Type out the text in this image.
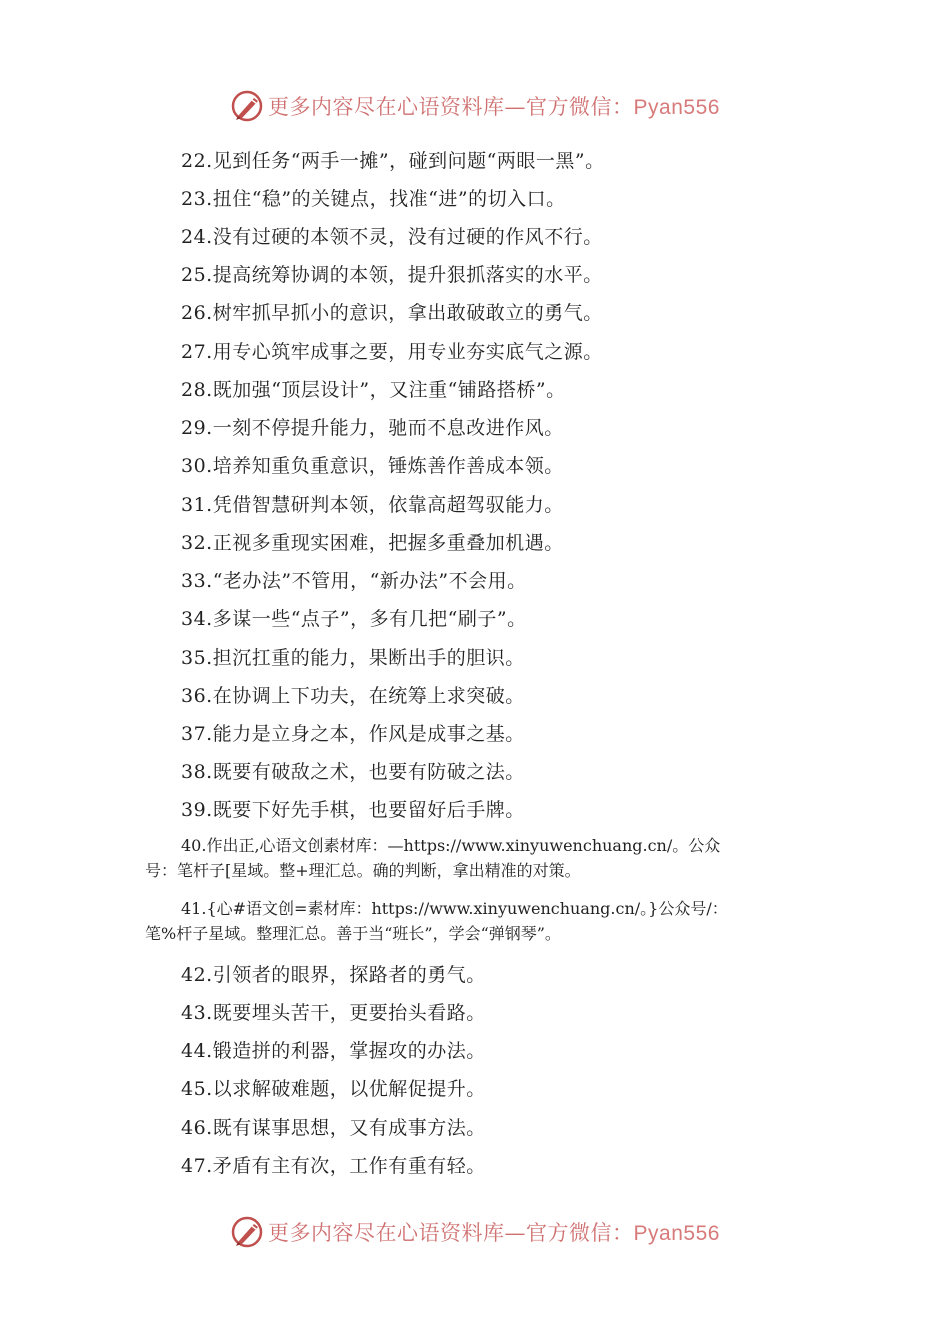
更多内容尽在心语资料库—官方微信：Pyan556
22.见到任务“两手一摊”，碰到问题“两眼一黑”。
23.扭住“稳”的关键点，找准“进”的切入口。
24.没有过硬的本领不灵，没有过硬的作风不行。
25.提高统筹协调的本领，提升狠抓落实的水平。
26.树牢抓早抓小的意识，拿出敢破敢立的勇气。
27.用专心筑牢成事之要，用专业夯实底气之源。
28.既加强“顶层设计”，又注重“铺路搭桥”。
29.一刻不停提升能力，驰而不息改进作风。
30.培养知重负重意识，锤炼善作善成本领。
31.凭借智慧研判本领，依靠高超驾驭能力。
32.正视多重现实困难，把握多重叠加机遇。
33.“老办法”不管用，“新办法”不会用。
34.多谋一些“点子”，多有几把“刷子”。
35.担沉扛重的能力，果断出手的胆识。
36.在协调上下功夫，在统筹上求突破。
37.能力是立身之本，作风是成事之基。
38.既要有破敌之术，也要有防破之法。
39.既要下好先手棋，也要留好后手牌。
40.作出正,心语文创素材库：—https://www.xinyuwenchuang.cn/。公众
号：笔杆子[星域。整+理汇总。确的判断，拿出精准的对策。
41.{心#语文创=素材库：https://www.xinyuwenchuang.cn/。}公众号/：
笔%杆子星域。整理汇总。善于当“班长”，学会“弹钢琴”。
42.引领者的眼界，探路者的勇气。
43.既要埋头苦干，更要抬头看路。
44.锻造拼的利器，掌握攻的办法。
45.以求解破难题，以优解促提升。
46.既有谋事思想，又有成事方法。
47.矛盾有主有次，工作有重有轻。
更多内容尽在心语资料库—官方微信：Pyan556
